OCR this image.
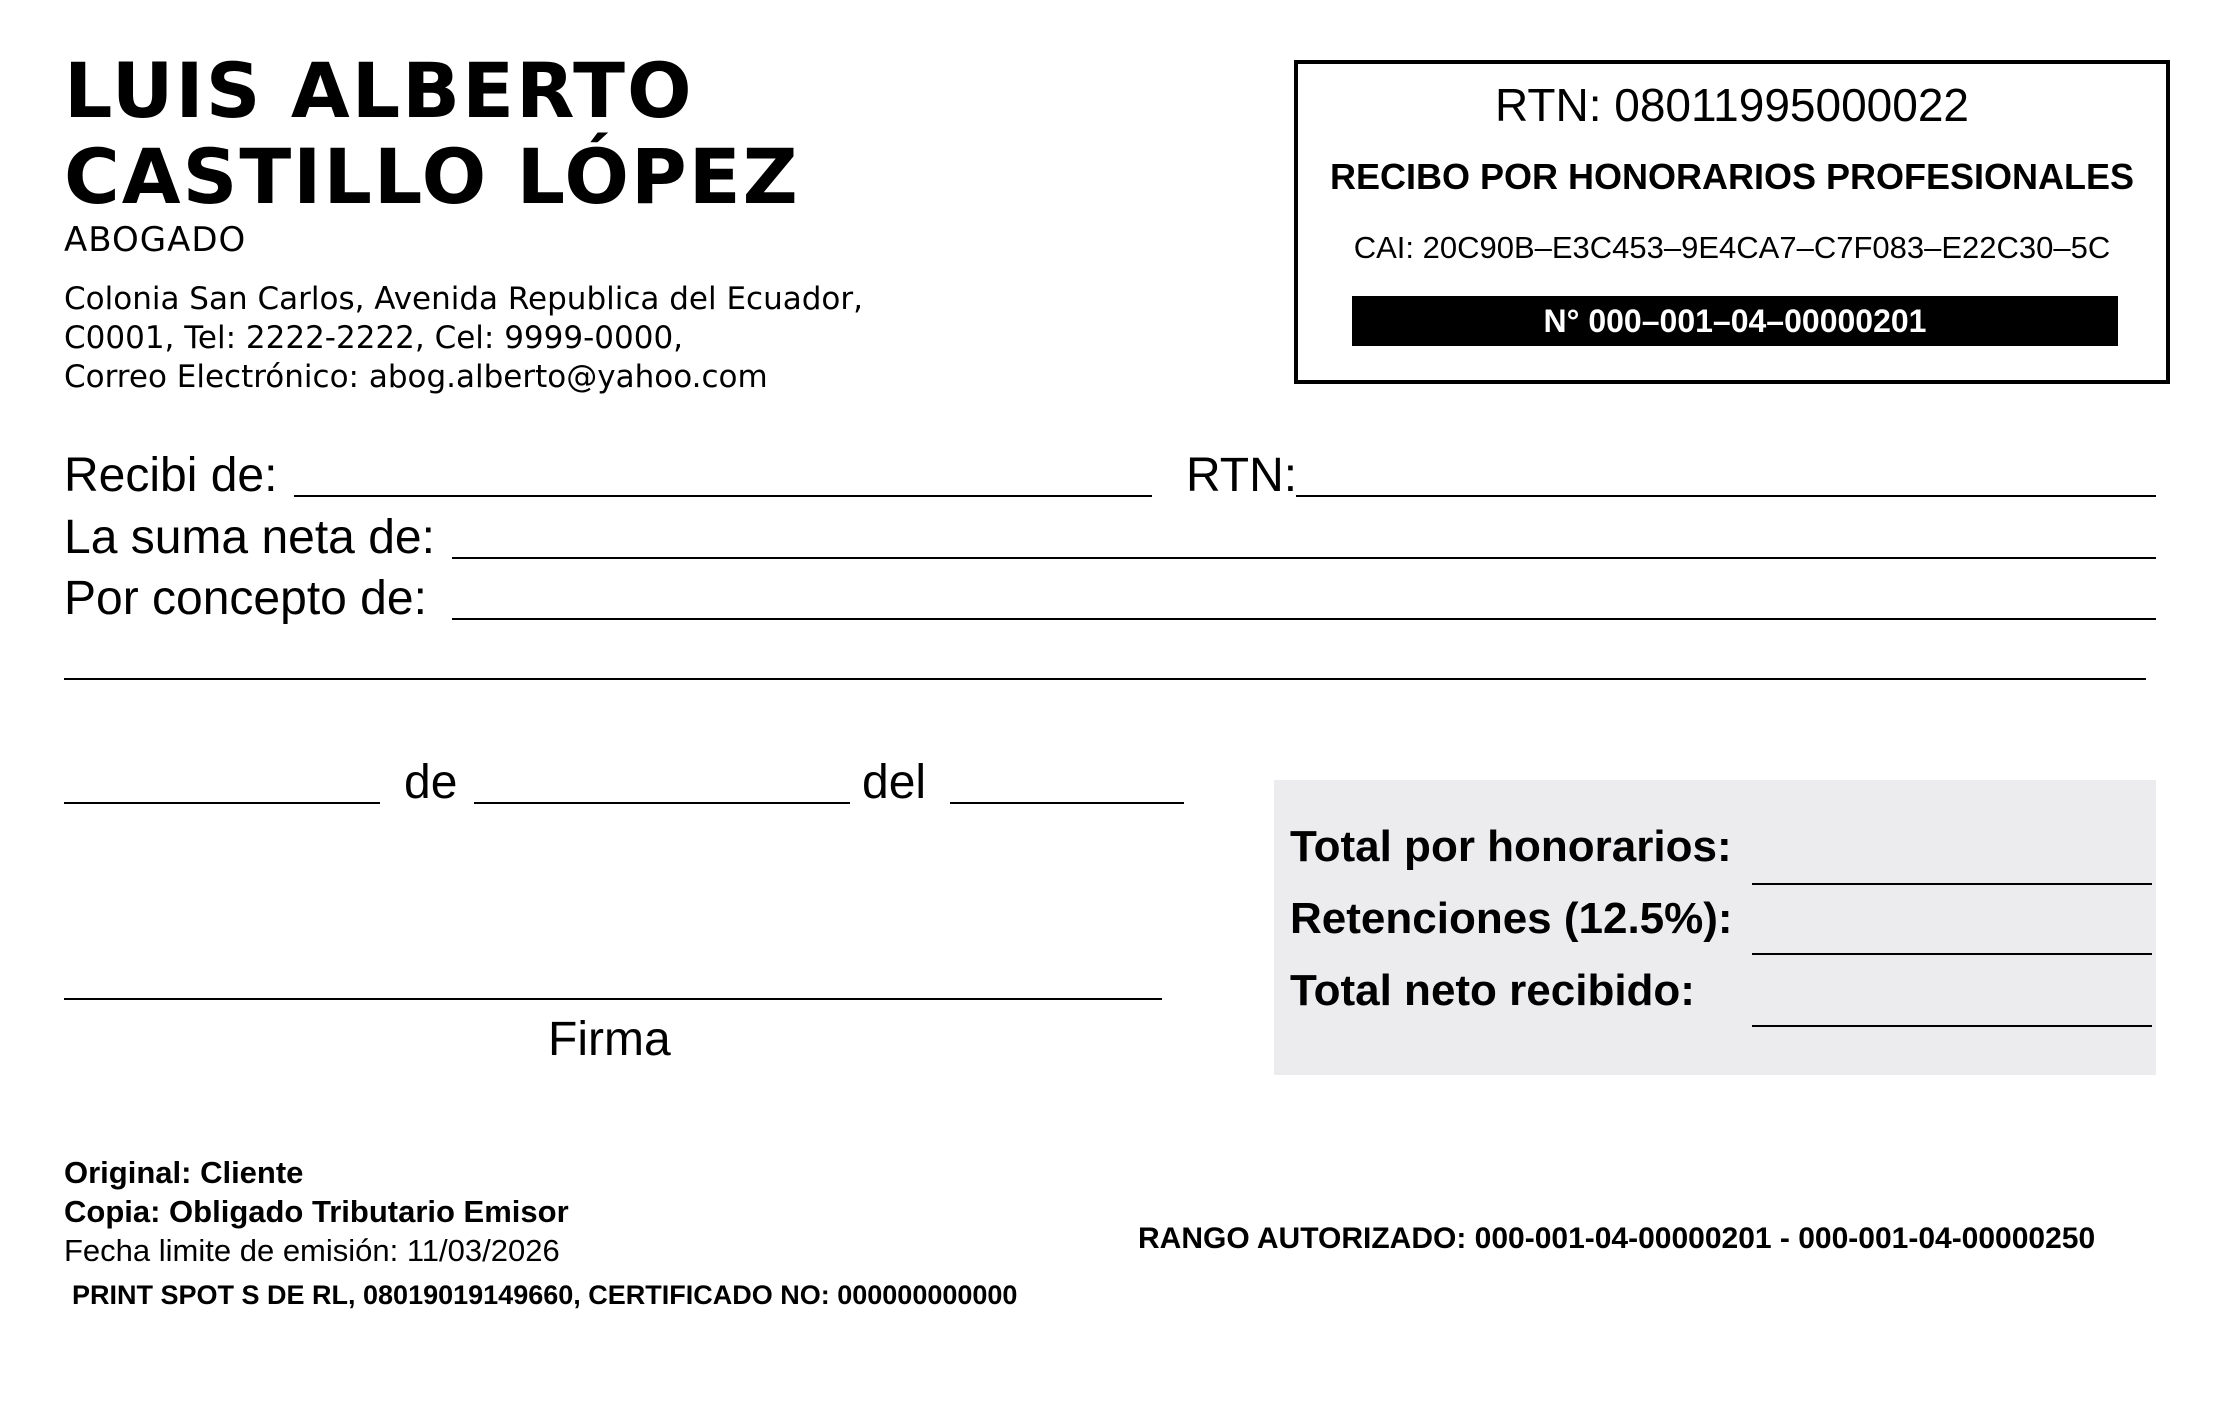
LUIS ALBERTO
CASTILLO LÓPEZ
ABOGADO
Colonia San Carlos, Avenida Republica del Ecuador,
C0001, Tel: 2222-2222, Cel: 9999-0000,
Correo Electrónico: abog.alberto@yahoo.com
RTN: 08011995000022
RECIBO POR HONORARIOS PROFESIONALES
CAI: 20C90B–E3C453–9E4CA7–C7F083–E22C30–5C
N° 000–001–04–00000201
Recibi de:	RTN:
La suma neta de:
Por concepto de:
de	del
Firma
Total por honorarios:
Retenciones (12.5%):
Total neto recibido:
Original: Cliente
Copia: Obligado Tributario Emisor
Fecha limite de emisión: 11/03/2026
PRINT SPOT S DE RL, 08019019149660, CERTIFICADO NO: 000000000000
RANGO AUTORIZADO: 000-001-04-00000201 - 000-001-04-00000250
